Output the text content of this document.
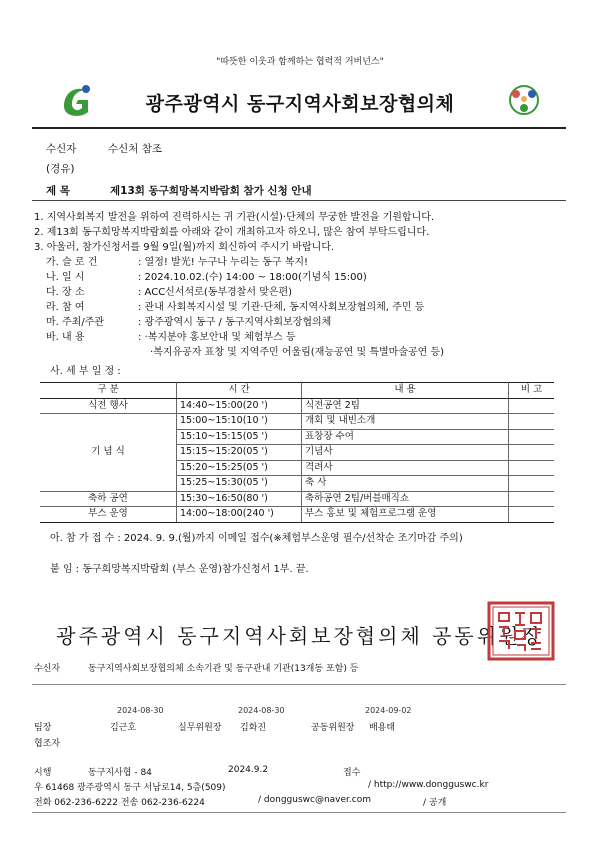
"따뜻한 이웃과 함께하는 협력적 거버넌스"
광주광역시 동구지역사회보장협의체
수신자	수신처 참조
(경유)
제 목	제13회 동구희망복지박람회 참가 신청 안내
1. 지역사회복지 발전을 위하여 진력하시는 귀 기관(시설)·단체의 무궁한 발전을 기원합니다.
2. 제13회 동구희망복지박람회를 아래와 같이 개최하고자 하오니, 많은 참여 부탁드립니다.
3. 아울러, 참가신청서를 9월 9일(월)까지 회신하여 주시기 바랍니다.
가. 슬 로 건	: 열정! 발光! 누구나 누리는 동구 복지!
나. 일 시	: 2024.10.02.(수) 14:00 ~ 18:00(기념식 15:00)
다. 장 소	: ACC신서석로(동부경찰서 맞은편)
라. 참 여	: 관내 사회복지시설 및 기관·단체, 동지역사회보장협의체, 주민 등
마. 주최/주관	: 광주광역시 동구 / 동구지역사회보장협의체
바. 내 용	: ·복지분야 홍보안내 및 체험부스 등
·복지유공자 표창 및 지역주민 어울림(재능공연 및 특별마술공연 등)
사. 세 부 일 정 :
구 분	시 간	내 용	비 고
식전 행사	14:40~15:00(20 ')	식전공연 2팀	
기 념 식	15:00~15:10(10 ')	개회 및 내빈소개	
	15:10~15:15(05 ')	표창장 수여	
	15:15~15:20(05 ')	기념사	
	15:20~15:25(05 ')	격려사	
	15:25~15:30(05 ')	축 사	
축하 공연	15:30~16:50(80 ')	축하공연 2팀/버블매직쇼	
부스 운영	14:00~18:00(240 ')	부스 홍보 및 체험프로그램 운영	
아. 참 가 접 수 : 2024. 9. 9.(월)까지 이메일 접수(※체험부스운영 필수/선착순 조기마감 주의)
붙 임 : 동구희망복지박람회 (부스 운영)참가신청서 1부. 끝.
광주광역시 동구지역사회보장협의체 공동위원장
수신자	동구지역사회보장협의체 소속기관 및 동구관내 기관(13개동 포함) 등
2024-08-30	2024-08-30	2024-09-02
팀장	김근호	실무위원장 김화진	공동위원장 배용태
협조자
시행	동구지사협 - 84	2024.9.2	접수
우 61468 광주광역시 동구 서남로14, 5층(509)	/ http://www.dongguswc.kr
전화 062-236-6222 전송 062-236-6224	/ dongguswc@naver.com	/ 공개
